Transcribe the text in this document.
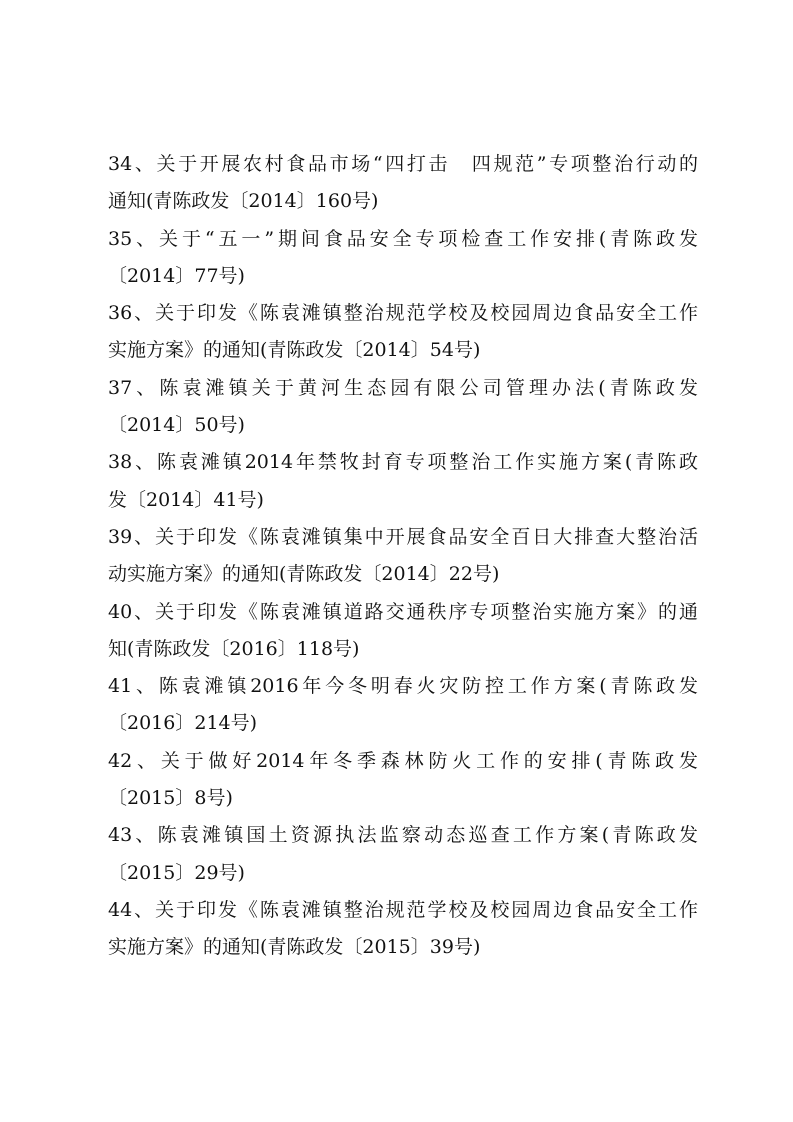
34、关于开展农村食品市场“四打击　四规范”专项整治行动的
通知(青陈政发〔2014〕160号)
35、关于“五一”期间食品安全专项检查工作安排(青陈政发
〔2014〕77号)
36、关于印发《陈袁滩镇整治规范学校及校园周边食品安全工作
实施方案》的通知(青陈政发〔2014〕54号)
37、陈袁滩镇关于黄河生态园有限公司管理办法(青陈政发
〔2014〕50号)
38、陈袁滩镇2014年禁牧封育专项整治工作实施方案(青陈政
发〔2014〕41号)
39、关于印发《陈袁滩镇集中开展食品安全百日大排查大整治活
动实施方案》的通知(青陈政发〔2014〕22号)
40、关于印发《陈袁滩镇道路交通秩序专项整治实施方案》的通
知(青陈政发〔2016〕118号)
41、陈袁滩镇2016年今冬明春火灾防控工作方案(青陈政发
〔2016〕214号)
42、关于做好2014年冬季森林防火工作的安排(青陈政发
〔2015〕8号)
43、陈袁滩镇国土资源执法监察动态巡查工作方案(青陈政发
〔2015〕29号)
44、关于印发《陈袁滩镇整治规范学校及校园周边食品安全工作
实施方案》的通知(青陈政发〔2015〕39号)
